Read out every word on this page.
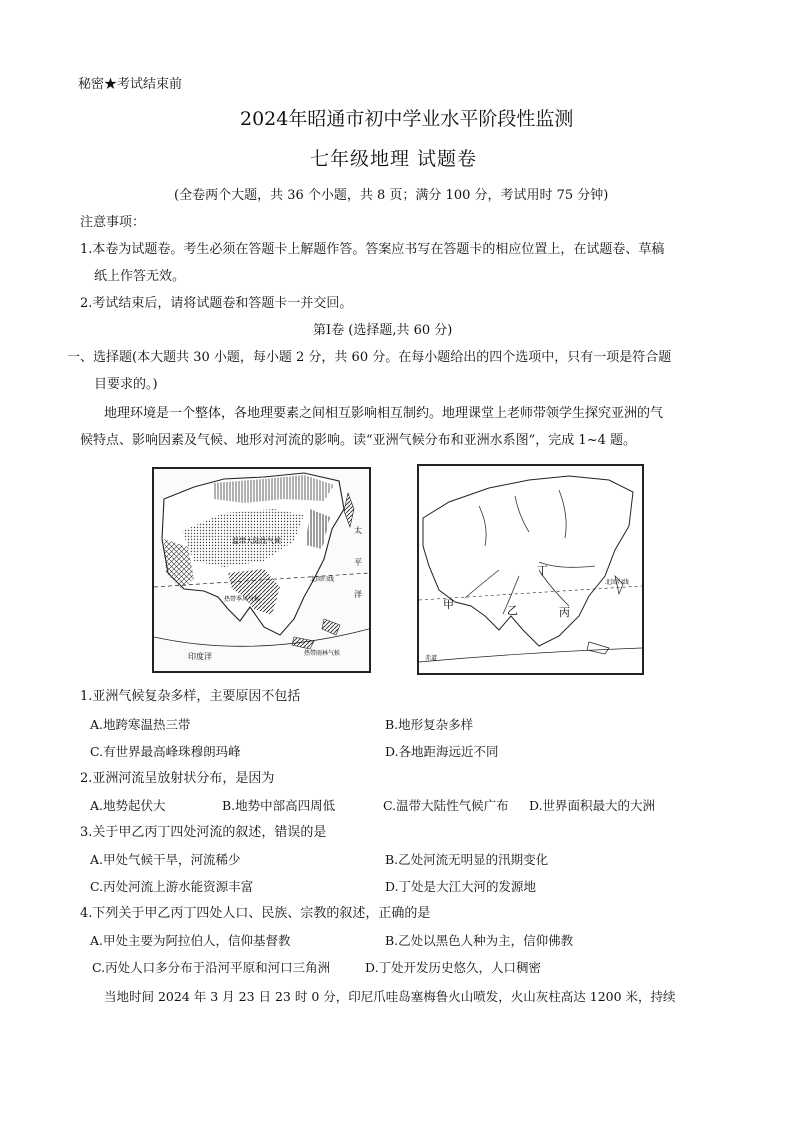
秘密★考试结束前
2024年昭通市初中学业水平阶段性监测
七年级地理 试题卷
(全卷两个大题，共 36 个小题，共 8 页；满分 100 分，考试用时 75 分钟)
注意事项：
1.本卷为试题卷。考生必须在答题卡上解题作答。答案应书写在答题卡的相应位置上，在试题卷、草稿
纸上作答无效。
2.考试结束后，请将试题卷和答题卡一并交回。
第Ⅰ卷 (选择题,共 60 分)
一、选择题(本大题共 30 小题，每小题 2 分，共 60 分。在每小题给出的四个选项中，只有一项是符合题
目要求的。)
地理环境是一个整体，各地理要素之间相互影响相互制约。地理课堂上老师带领学生探究亚洲的气
候特点、影响因素及气候、地形对河流的影响。读“亚洲气候分布和亚洲水系图”，完成 1~4 题。
温带大陆性气候
热带季风气候
热带雨林气候
北回归线
印度洋
太
平
洋
甲	乙	丙
丁
赤道
北回归线
1.亚洲气候复杂多样，主要原因不包括
A.地跨寒温热三带	B.地形复杂多样
C.有世界最高峰珠穆朗玛峰	D.各地距海远近不同
2.亚洲河流呈放射状分布，是因为
A.地势起伏大	B.地势中部高四周低	C.温带大陆性气候广布 D.世界面积最大的大洲
3.关于甲乙丙丁四处河流的叙述，错误的是
A.甲处气候干旱，河流稀少	B.乙处河流无明显的汛期变化
C.丙处河流上游水能资源丰富	D.丁处是大江大河的发源地
4.下列关于甲乙丙丁四处人口、民族、宗教的叙述，正确的是
A.甲处主要为阿拉伯人，信仰基督教	B.乙处以黑色人种为主，信仰佛教
C.丙处人口多分布于沿河平原和河口三角洲	D.丁处开发历史悠久，人口稠密
当地时间 2024 年 3 月 23 日 23 时 0 分，印尼爪哇岛塞梅鲁火山喷发，火山灰柱高达 1200 米，持续
